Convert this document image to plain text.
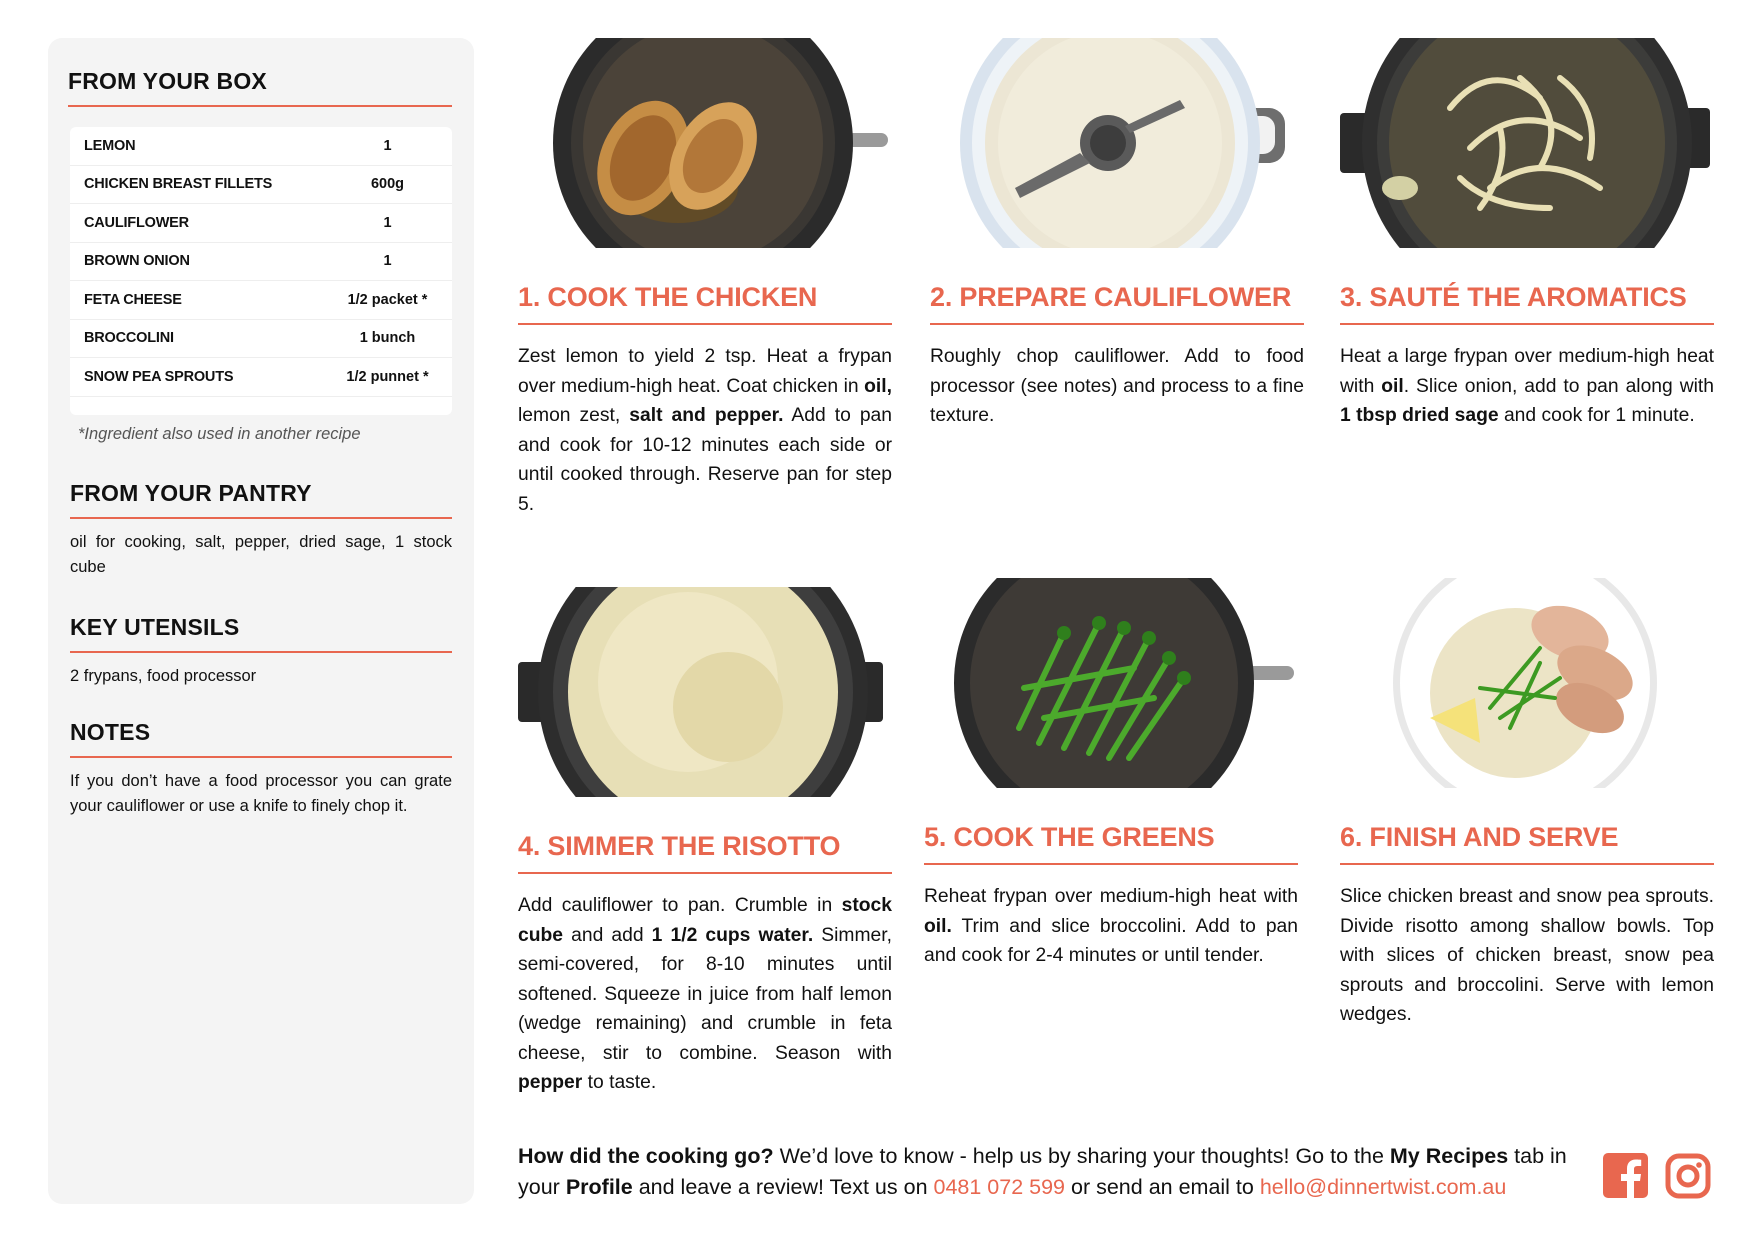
FROM YOUR BOX
LEMON	1
CHICKEN BREAST FILLETS	600g
CAULIFLOWER	1
BROWN ONION	1
FETA CHEESE	1/2 packet *
BROCCOLINI	1 bunch
SNOW PEA SPROUTS	1/2 punnet *
*Ingredient also used in another recipe
FROM YOUR PANTRY
oil for cooking, salt, pepper, dried sage, 1 stock cube
KEY UTENSILS
2 frypans, food processor
NOTES
If you don’t have a food processor you can grate your cauliflower or use a knife to finely chop it.
1. COOK THE CHICKEN
Zest lemon to yield 2 tsp. Heat a frypan over medium-high heat. Coat chicken in oil, lemon zest, salt and pepper. Add to pan and cook for 10-12 minutes each side or until cooked through. Reserve pan for step 5.
2. PREPARE CAULIFLOWER
Roughly chop cauliflower. Add to food processor (see notes) and process to a fine texture.
3. SAUTÉ THE AROMATICS
Heat a large frypan over medium-high heat with oil. Slice onion, add to pan along with 1 tbsp dried sage and cook for 1 minute.
4. SIMMER THE RISOTTO
Add cauliflower to pan. Crumble in stock cube and add 1 1/2 cups water. Simmer, semi-covered, for 8-10 minutes until softened. Squeeze in juice from half lemon (wedge remaining) and crumble in feta cheese, stir to combine. Season with pepper to taste.
5. COOK THE GREENS
Reheat frypan over medium-high heat with oil. Trim and slice broccolini. Add to pan and cook for 2-4 minutes or until tender.
6. FINISH AND SERVE
Slice chicken breast and snow pea sprouts. Divide risotto among shallow bowls. Top with slices of chicken breast, snow pea sprouts and broccolini. Serve with lemon wedges.
How did the cooking go? We’d love to know - help us by sharing your thoughts! Go to the My Recipes tab in your Profile and leave a review! Text us on 0481 072 599 or send an email to hello@dinnertwist.com.au
